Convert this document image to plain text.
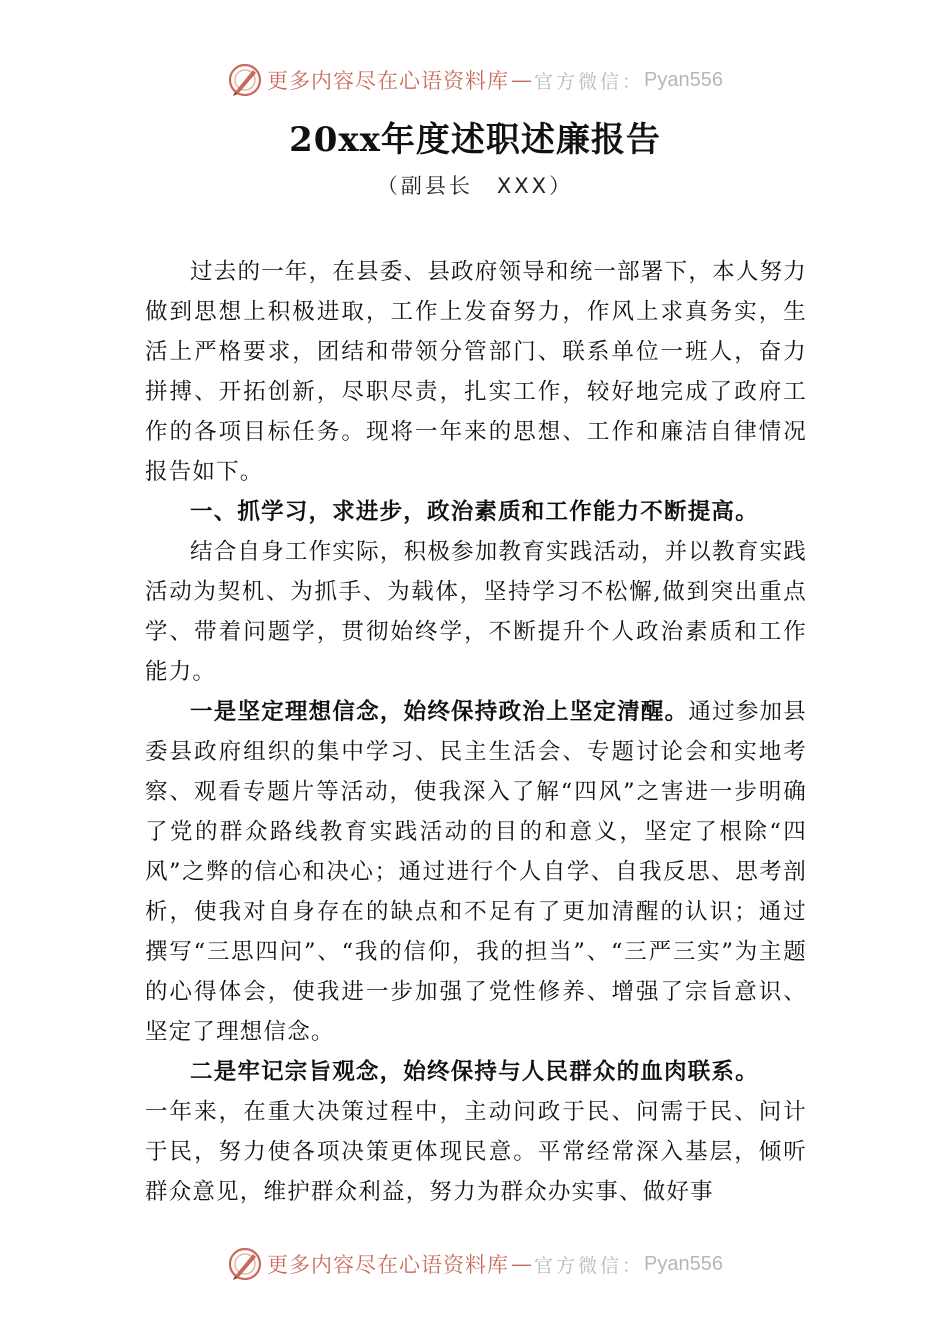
更多内容尽在心语资料库 — 官方微信： Pyan556
20xx年度述职述廉报告
（副县长　XXX）

过去的一年，在县委、县政府领导和统一部署下，本人努力做到思想上积极进取，工作上发奋努力，作风上求真务实，生活上严格要求，团结和带领分管部门、联系单位一班人，奋力拼搏、开拓创新，尽职尽责，扎实工作，较好地完成了政府工作的各项目标任务。现将一年来的思想、工作和廉洁自律情况报告如下。

一、抓学习，求进步，政治素质和工作能力不断提高。

结合自身工作实际，积极参加教育实践活动，并以教育实践活动为契机、为抓手、为载体，坚持学习不松懈,做到突出重点学、带着问题学，贯彻始终学，不断提升个人政治素质和工作能力。

一是坚定理想信念，始终保持政治上坚定清醒。通过参加县委县政府组织的集中学习、民主生活会、专题讨论会和实地考察、观看专题片等活动，使我深入了解“四风”之害进一步明确了党的群众路线教育实践活动的目的和意义，坚定了根除“四风”之弊的信心和决心；通过进行个人自学、自我反思、思考剖析，使我对自身存在的缺点和不足有了更加清醒的认识；通过撰写“三思四问”、“我的信仰，我的担当”、“三严三实”为主题的心得体会，使我进一步加强了党性修养、增强了宗旨意识、坚定了理想信念。

二是牢记宗旨观念，始终保持与人民群众的血肉联系。

一年来，在重大决策过程中，主动问政于民、问需于民、问计于民，努力使各项决策更体现民意。平常经常深入基层，倾听群众意见，维护群众利益，努力为群众办实事、做好事

更多内容尽在心语资料库 — 官方微信： Pyan556
